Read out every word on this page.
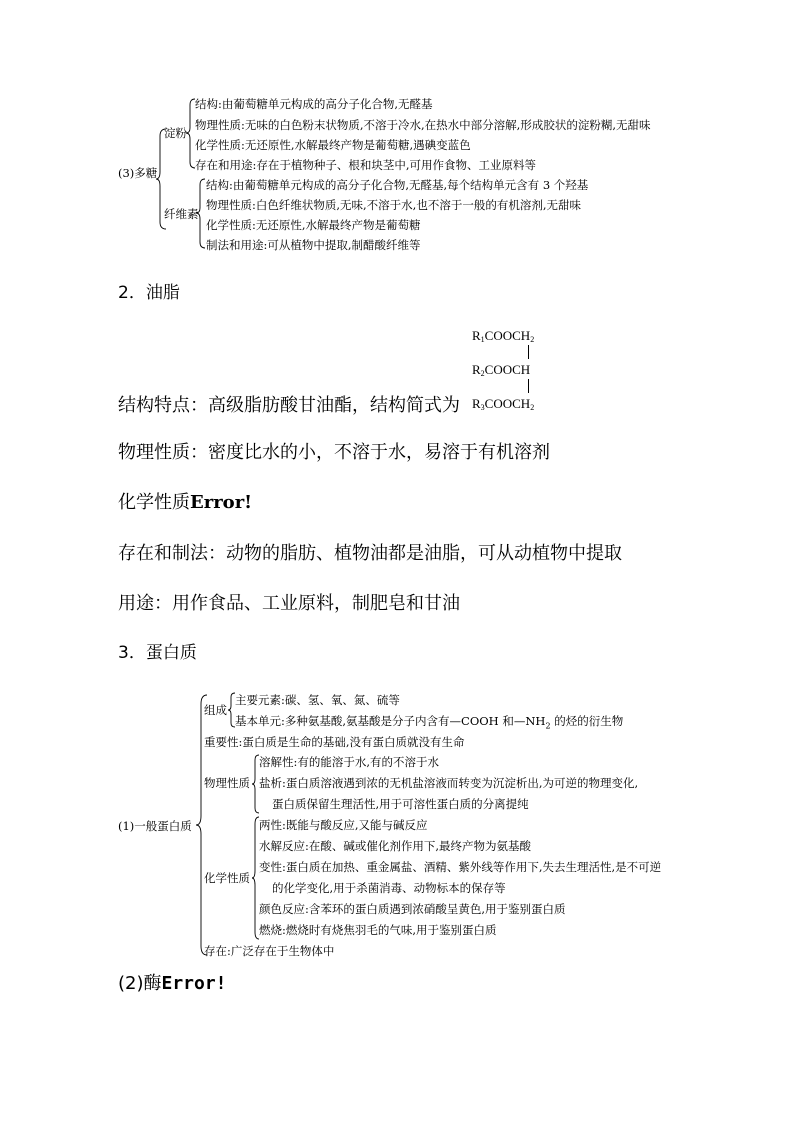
(3)多糖
淀粉
结构:由葡萄糖单元构成的高分子化合物,无醛基
物理性质:无味的白色粉末状物质,不溶于冷水,在热水中部分溶解,形成胶状的淀粉糊,无甜味
化学性质:无还原性,水解最终产物是葡萄糖,遇碘变蓝色
存在和用途:存在于植物种子、根和块茎中,可用作食物、工业原料等
纤维素
结构:由葡萄糖单元构成的高分子化合物,无醛基,每个结构单元含有 3 个羟基
物理性质:白色纤维状物质,无味,不溶于水,也不溶于一般的有机溶剂,无甜味
化学性质:无还原性,水解最终产物是葡萄糖
制法和用途:可从植物中提取,制醋酸纤维等
2．油脂
$R_1COOCH_2$
$R_2COOCH$
$R_3COOCH_2$
结构特点：高级脂肪酸甘油酯，结构简式为
物理性质：密度比水的小，不溶于水，易溶于有机溶剂
化学性质Error!
存在和制法：动物的脂肪、植物油都是油脂，可从动植物中提取
用途：用作食品、工业原料，制肥皂和甘油
3．蛋白质
(1)一般蛋白质
组成
主要元素:碳、氢、氧、氮、硫等
基本单元:多种氨基酸,氨基酸是分子内含有—COOH 和$—NH_2$ 的烃的衍生物
重要性:蛋白质是生命的基础,没有蛋白质就没有生命
物理性质
溶解性:有的能溶于水,有的不溶于水
盐析:蛋白质溶液遇到浓的无机盐溶液而转变为沉淀析出,为可逆的物理变化,
蛋白质保留生理活性,用于可溶性蛋白质的分离提纯
化学性质
两性:既能与酸反应,又能与碱反应
水解反应:在酸、碱或催化剂作用下,最终产物为氨基酸
变性:蛋白质在加热、重金属盐、酒精、紫外线等作用下,失去生理活性,是不可逆
的化学变化,用于杀菌消毒、动物标本的保存等
颜色反应:含苯环的蛋白质遇到浓硝酸呈黄色,用于鉴别蛋白质
燃烧:燃烧时有烧焦羽毛的气味,用于鉴别蛋白质
存在:广泛存在于生物体中
(2)酶Error!
